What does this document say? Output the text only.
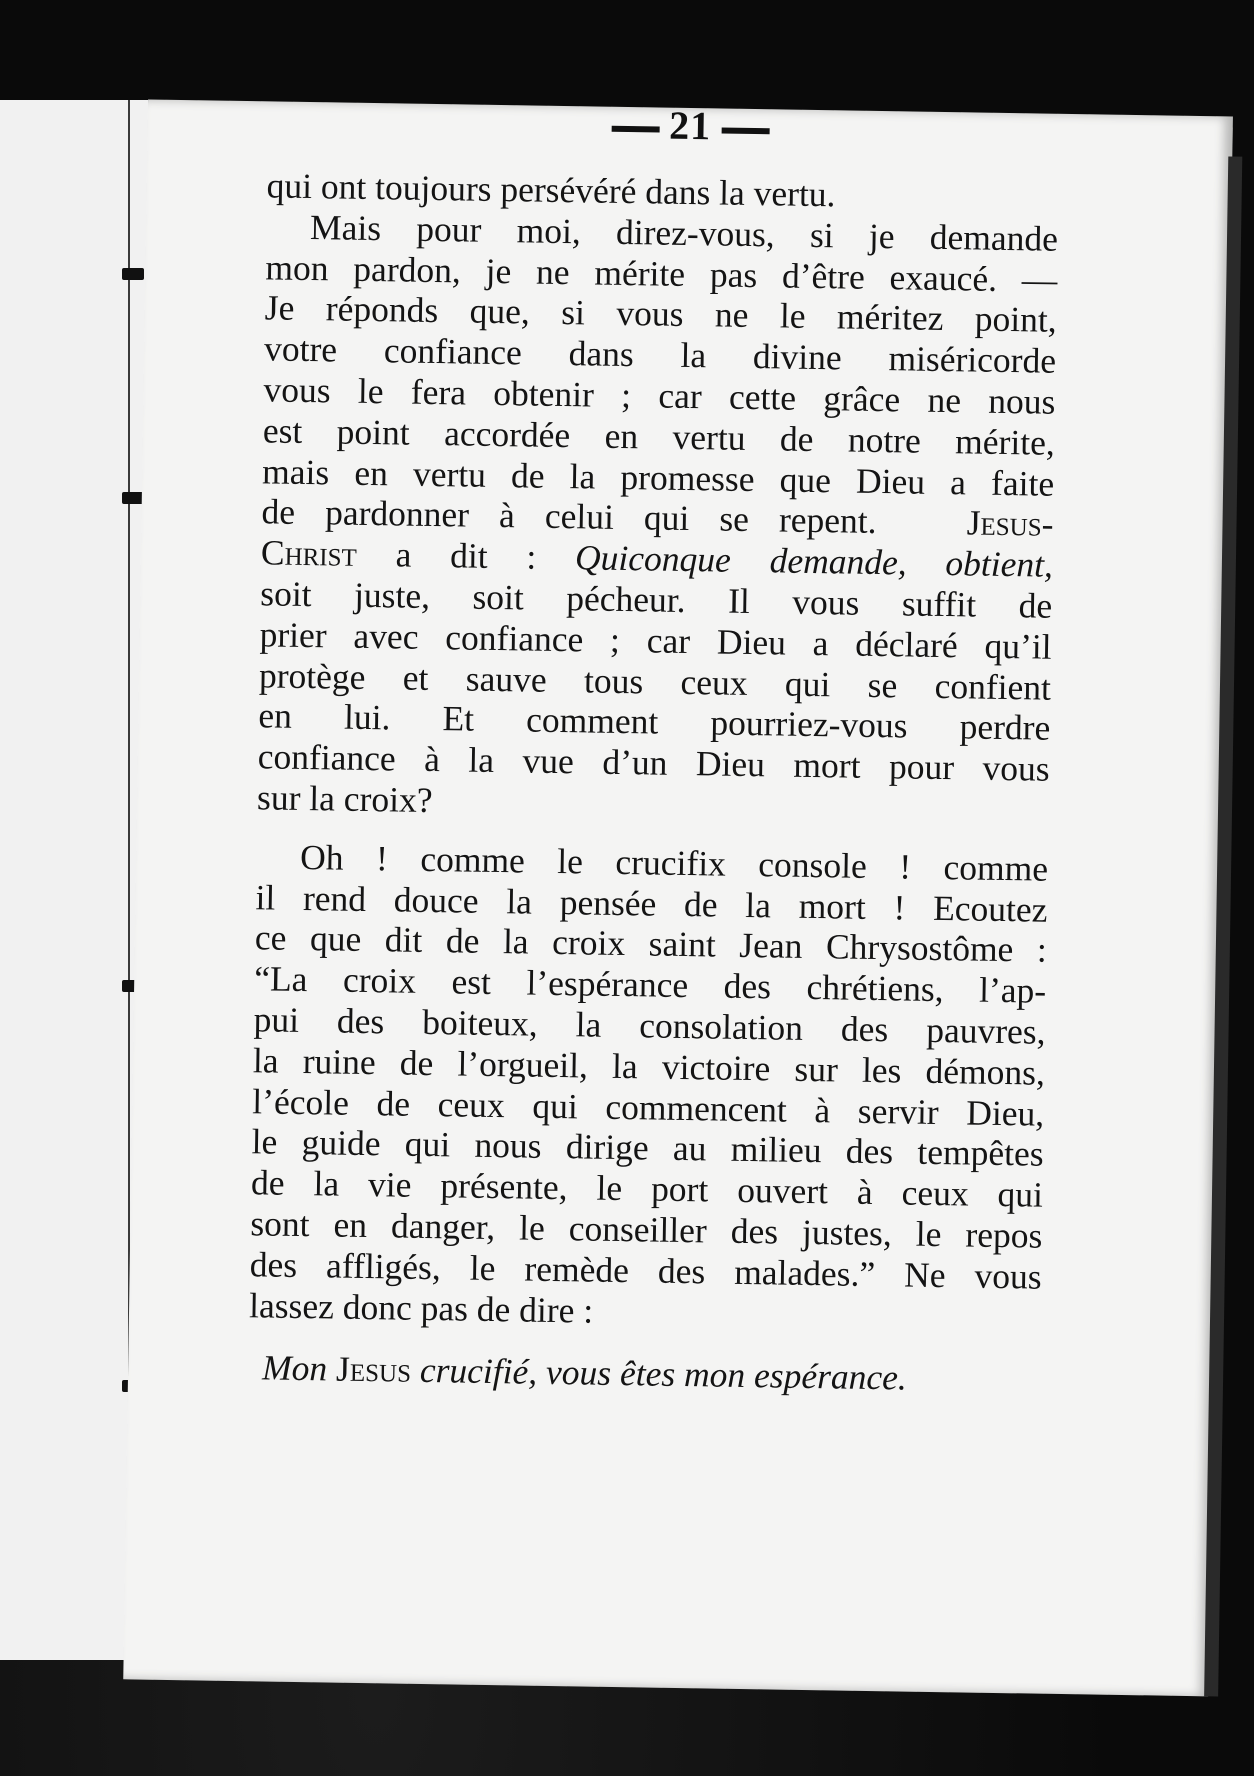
21
qui ont toujours persévéré dans la vertu.
Mais pour moi, direz-vous, si je demande
mon pardon, je ne mérite pas d’être exaucé. —
Je réponds que, si vous ne le méritez point,
votre confiance dans la divine miséricorde
vous le fera obtenir ; car cette grâce ne nous
est point accordée en vertu de notre mérite,
mais en vertu de la promesse que Dieu a faite
de pardonner à celui qui se repent.	Jesus-
Christ a dit : Quiconque demande, obtient,
soit juste, soit pécheur. Il vous suffit de
prier avec confiance ; car Dieu a déclaré qu’il
protège et sauve tous ceux qui se confient
en lui. Et comment pourriez-vous perdre
confiance à la vue d’un Dieu mort pour vous
sur la croix?
Oh ! comme le crucifix console ! comme
il rend douce la pensée de la mort ! Ecoutez
ce que dit de la croix saint Jean Chrysostôme :
“La croix est l’espérance des chrétiens, l’ap-
pui des boiteux, la consolation des pauvres,
la ruine de l’orgueil, la victoire sur les démons,
l’école de ceux qui commencent à servir Dieu,
le guide qui nous dirige au milieu des tempêtes
de la vie présente, le port ouvert à ceux qui
sont en danger, le conseiller des justes, le repos
des affligés, le remède des malades.” Ne vous
lassez donc pas de dire :
Mon Jesus crucifié, vous êtes mon espérance.
